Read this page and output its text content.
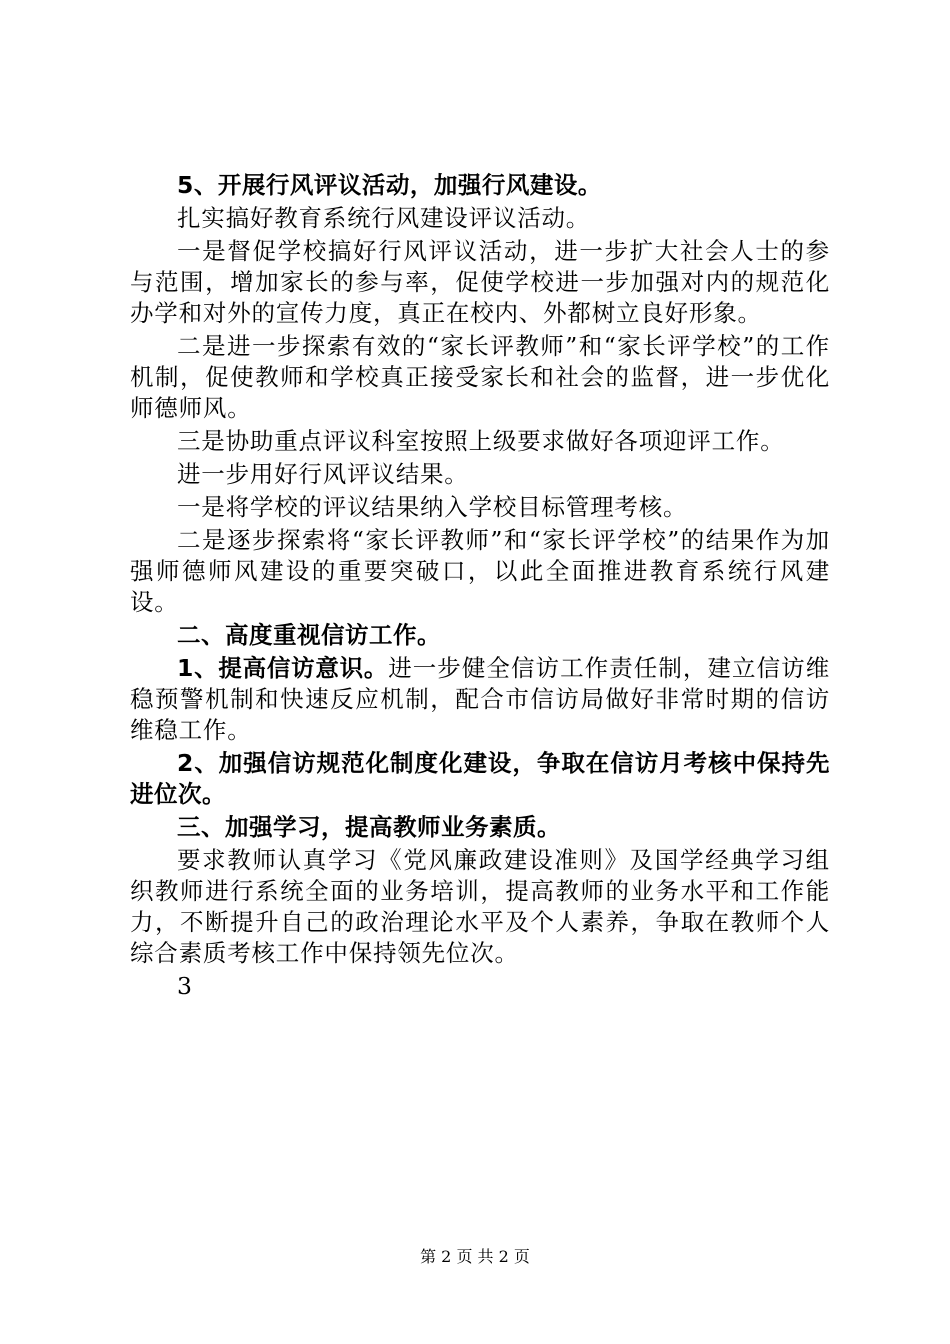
5、开展行风评议活动，加强行风建设。

扎实搞好教育系统行风建设评议活动。

一是督促学校搞好行风评议活动，进一步扩大社会人士的参与范围，增加家长的参与率，促使学校进一步加强对内的规范化办学和对外的宣传力度，真正在校内、外都树立良好形象。

二是进一步探索有效的“家长评教师”和“家长评学校”的工作机制，促使教师和学校真正接受家长和社会的监督，进一步优化师德师风。

三是协助重点评议科室按照上级要求做好各项迎评工作。

进一步用好行风评议结果。

一是将学校的评议结果纳入学校目标管理考核。

二是逐步探索将“家长评教师”和“家长评学校”的结果作为加强师德师风建设的重要突破口，以此全面推进教育系统行风建设。

二、高度重视信访工作。

1、提高信访意识。进一步健全信访工作责任制，建立信访维稳预警机制和快速反应机制，配合市信访局做好非常时期的信访维稳工作。

2、加强信访规范化制度化建设，争取在信访月考核中保持先进位次。

三、加强学习，提高教师业务素质。

要求教师认真学习《党风廉政建设准则》及国学经典学习组织教师进行系统全面的业务培训，提高教师的业务水平和工作能力，不断提升自己的政治理论水平及个人素养，争取在教师个人综合素质考核工作中保持领先位次。

3

第 2 页 共 2 页
